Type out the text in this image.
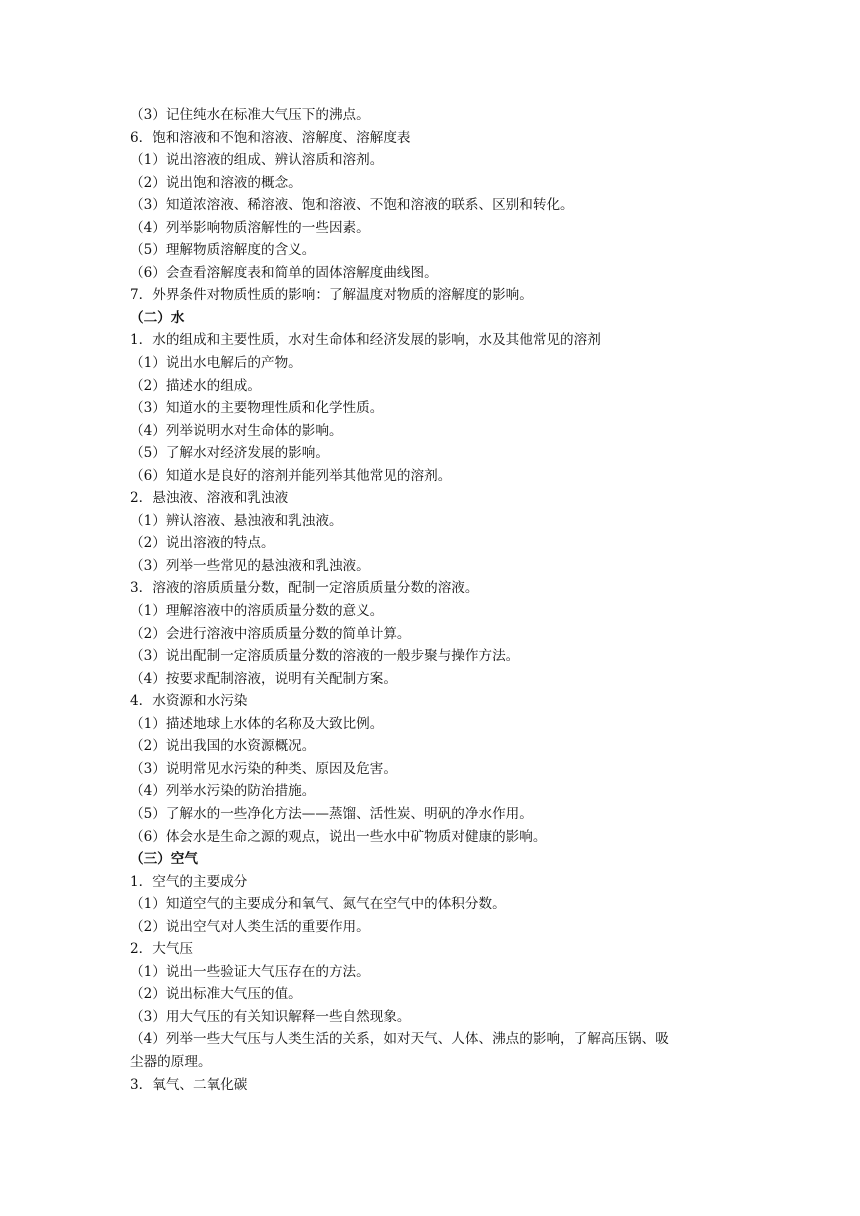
（3）记住纯水在标准大气压下的沸点。
6．饱和溶液和不饱和溶液、溶解度、溶解度表
（1）说出溶液的组成、辨认溶质和溶剂。
（2）说出饱和溶液的概念。
（3）知道浓溶液、稀溶液、饱和溶液、不饱和溶液的联系、区别和转化。
（4）列举影响物质溶解性的一些因素。
（5）理解物质溶解度的含义。
（6）会查看溶解度表和简单的固体溶解度曲线图。
7．外界条件对物质性质的影响：了解温度对物质的溶解度的影响。
（二）水
1．水的组成和主要性质，水对生命体和经济发展的影响，水及其他常见的溶剂
（1）说出水电解后的产物。
（2）描述水的组成。
（3）知道水的主要物理性质和化学性质。
（4）列举说明水对生命体的影响。
（5）了解水对经济发展的影响。
（6）知道水是良好的溶剂并能列举其他常见的溶剂。
2．悬浊液、溶液和乳浊液
（1）辨认溶液、悬浊液和乳浊液。
（2）说出溶液的特点。
（3）列举一些常见的悬浊液和乳浊液。
3．溶液的溶质质量分数，配制一定溶质质量分数的溶液。
（1）理解溶液中的溶质质量分数的意义。
（2）会进行溶液中溶质质量分数的简单计算。
（3）说出配制一定溶质质量分数的溶液的一般步聚与操作方法。
（4）按要求配制溶液，说明有关配制方案。
4．水资源和水污染
（1）描述地球上水体的名称及大致比例。
（2）说出我国的水资源概况。
（3）说明常见水污染的种类、原因及危害。
（4）列举水污染的防治措施。
（5）了解水的一些净化方法——蒸馏、活性炭、明矾的净水作用。
（6）体会水是生命之源的观点，说出一些水中矿物质对健康的影响。
（三）空气
1．空气的主要成分
（1）知道空气的主要成分和氧气、氮气在空气中的体积分数。
（2）说出空气对人类生活的重要作用。
2．大气压
（1）说出一些验证大气压存在的方法。
（2）说出标准大气压的值。
（3）用大气压的有关知识解释一些自然现象。
（4）列举一些大气压与人类生活的关系，如对天气、人体、沸点的影响，了解高压锅、吸
尘器的原理。
3．氧气、二氧化碳
